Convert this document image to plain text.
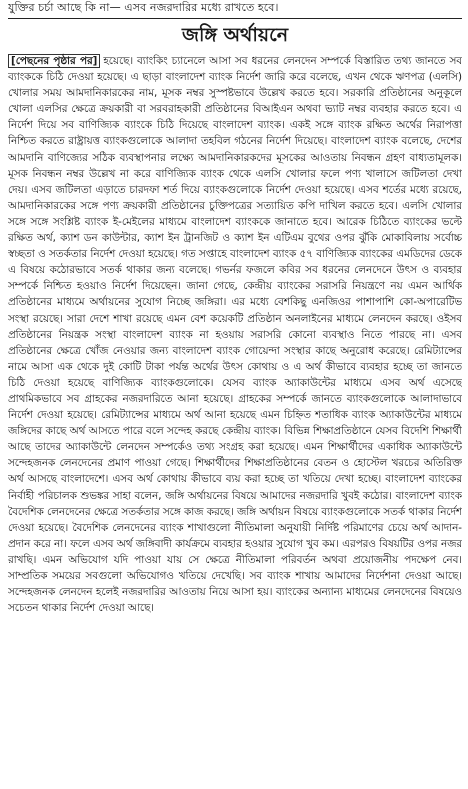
যুক্তির চর্চা আছে কি না— এসব নজরদারির মধ্যে রাখতে হবে।

জঙ্গি অর্থায়নে

[পেছনের পৃষ্ঠার পর] হয়েছে। ব্যাংকিং চ্যানেলে আসা সব ধরনের লেনদেন সম্পর্কে বিস্তারিত তথ্য জানতে সব ব্যাংককে চিঠি দেওয়া হয়েছে। এ ছাড়া বাংলাদেশ ব্যাংক নির্দেশ জারি করে বলেছে, এখন থেকে ঋণপত্র (এলসি) খোলার সময় আমদানিকারকের নাম, মূসক নম্বর সুস্পষ্টভাবে উল্লেখ করতে হবে। সরকারি প্রতিষ্ঠানের অনুকূলে খোলা এলসির ক্ষেত্রে ক্রয়কারী বা সরবরাহকারী প্রতিষ্ঠানের বিআইএন অথবা ভ্যাট নম্বর ব্যবহার করতে হবে। এ নির্দেশ দিয়ে সব বাণিজ্যিক ব্যাংকে চিঠি দিয়েছে বাংলাদেশ ব্যাংক। একই সঙ্গে ব্যাংক রক্ষিত অর্থের নিরাপত্তা নিশ্চিত করতে রাষ্ট্রায়ত্ত ব্যাংকগুলোকে আলাদা তহবিল গঠনের নির্দেশ দিয়েছে। বাংলাদেশ ব্যাংক বলেছে, দেশের আমদানি বাণিজ্যের সঠিক ব্যবস্থাপনার লক্ষ্যে আমদানিকারকদের মূসকের আওতায় নিবন্ধন গ্রহণ বাধ্যতামূলক। মূসক নিবন্ধন নম্বর উল্লেখ না করে বাণিজ্যিক ব্যাংক থেকে এলসি খোলার ফলে পণ্য খালাসে জটিলতা দেখা দেয়। এসব জটিলতা এড়াতে চারদফা শর্ত দিয়ে ব্যাংকগুলোকে নির্দেশ দেওয়া হয়েছে। এসব শর্তের মধ্যে রয়েছে, আমদানিকারকের সঙ্গে পণ্য ক্রয়কারী প্রতিষ্ঠানের চুক্তিপত্রের সত্যায়িত কপি দাখিল করতে হবে। এলসি খোলার সঙ্গে সঙ্গে সংশ্লিষ্ট ব্যাংক ই-মেইলের মাধ্যমে বাংলাদেশ ব্যাংককে জানাতে হবে। আরেক চিঠিতে ব্যাংকের ভল্টে রক্ষিত অর্থ, ক্যাশ ডন কাউন্টার, ক্যাশ ইন ট্রানজিট ও ক্যাশ ইন এটিএম বুথের ওপর ঝুঁকি মোকাবিলায় সর্বোচ্চ স্বচ্ছতা ও সতর্কতার নির্দেশ দেওয়া হয়েছে। গত সপ্তাহে বাংলাদেশ ব্যাংক ৫৭ বাণিজ্যিক ব্যাংকের এমডিদের ডেকে এ বিষয়ে কঠোরভাবে সতর্ক থাকার জন্য বলেছে। গভর্নর ফজলে কবির সব ধরনের লেনদেনে উৎস ও ব্যবহার সম্পর্কে নিশ্চিত হওয়াও নির্দেশ দিয়েছেন। জানা গেছে, কেন্দ্রীয় ব্যাংকের সরাসরি নিয়ন্ত্রণে নয় এমন আর্থিক প্রতিষ্ঠানের মাধ্যমে অর্থায়নের সুযোগ নিচ্ছে জঙ্গিরা। এর মধ্যে বেশকিছু এনজিওর পাশাপাশি কো-অপারেটিভ সংস্থা রয়েছে। সারা দেশে শাখা রয়েছে এমন বেশ কয়েকটি প্রতিষ্ঠান অনলাইনের মাধ্যমে লেনদেন করছে। ওইসব প্রতিষ্ঠানের নিয়ন্ত্রক সংস্থা বাংলাদেশ ব্যাংক না হওয়ায় সরাসরি কোনো ব্যবস্থাও নিতে পারছে না। এসব প্রতিষ্ঠানের ক্ষেত্রে খোঁজ নেওয়ার জন্য বাংলাদেশ ব্যাংক গোয়েন্দা সংস্থার কাছে অনুরোধ করেছে। রেমিট্যান্সের নামে আসা এক থেকে দুই কোটি টাকা পর্যন্ত অর্থের উৎস কোথায় ও এ অর্থ কীভাবে ব্যবহার হচ্ছে তা জানতে চিঠি দেওয়া হয়েছে বাণিজ্যিক ব্যাংকগুলোকে। যেসব ব্যাংক অ্যাকাউন্টের মাধ্যমে এসব অর্থ এসেছে প্রাথমিকভাবে সব গ্রাহকের নজরদারিতে আনা হয়েছে। গ্রাহকের সম্পর্কে জানতে ব্যাংকগুলোকে আলাদাভাবে নির্দেশ দেওয়া হয়েছে। রেমিট্যান্সের মাধ্যমে অর্থ আনা হয়েছে এমন চিহ্নিত শতাধিক ব্যাংক অ্যাকাউন্টের মাধ্যমে জঙ্গিদের কাছে অর্থ আসতে পারে বলে সন্দেহ করছে কেন্দ্রীয় ব্যাংক। বিভিন্ন শিক্ষাপ্রতিষ্ঠানে যেসব বিদেশি শিক্ষার্থী আছে তাদের অ্যাকাউন্টে লেনদেন সম্পর্কেও তথ্য সংগ্রহ করা হয়েছে। এমন শিক্ষার্থীদের একাধিক অ্যাকাউন্টে সন্দেহজনক লেনদেনের প্রমাণ পাওয়া গেছে। শিক্ষার্থীদের শিক্ষাপ্রতিষ্ঠানের বেতন ও হোস্টেল খরচের অতিরিক্ত অর্থ আসছে বাংলাদেশে। এসব অর্থ কোথায় কীভাবে ব্যয় করা হচ্ছে তা খতিয়ে দেখা হচ্ছে। বাংলাদেশ ব্যাংকের নির্বাহী পরিচালক শুভঙ্কর সাহা বলেন, জঙ্গি অর্থায়নের বিষয়ে আমাদের নজরদারি খুবই কঠোর। বাংলাদেশ ব্যাংক বৈদেশিক লেনদেনের ক্ষেত্রে সতর্কতার সঙ্গে কাজ করছে। জঙ্গি অর্থায়ন বিষয়ে ব্যাংকগুলোকে সতর্ক থাকার নির্দেশ দেওয়া হয়েছে। বৈদেশিক লেনদেনের ব্যাংক শাখাগুলো নীতিমালা অনুযায়ী নির্দিষ্ট পরিমাণের চেয়ে অর্থ আদান-প্রদান করে না। ফলে এসব অর্থ জঙ্গিবাদী কার্যক্রমে ব্যবহার হওয়ার সুযোগ খুব কম। এরপরও বিষয়টির ওপর নজর রাখছি। এমন অভিযোগ যদি পাওয়া যায় সে ক্ষেত্রে নীতিমালা পরিবর্তন অথবা প্রয়োজনীয় পদক্ষেপ নেব। সাম্প্রতিক সময়ের সবগুলো অভিযোগও খতিয়ে দেখেছি। সব ব্যাংক শাখায় আমাদের নির্দেশনা দেওয়া আছে। সন্দেহজনক লেনদেন হলেই নজরদারির আওতায় নিয়ে আসা হয়। ব্যাংকের অন্যান্য মাধ্যমের লেনদেনের বিষয়েও সচেতন থাকার নির্দেশ দেওয়া আছে।
